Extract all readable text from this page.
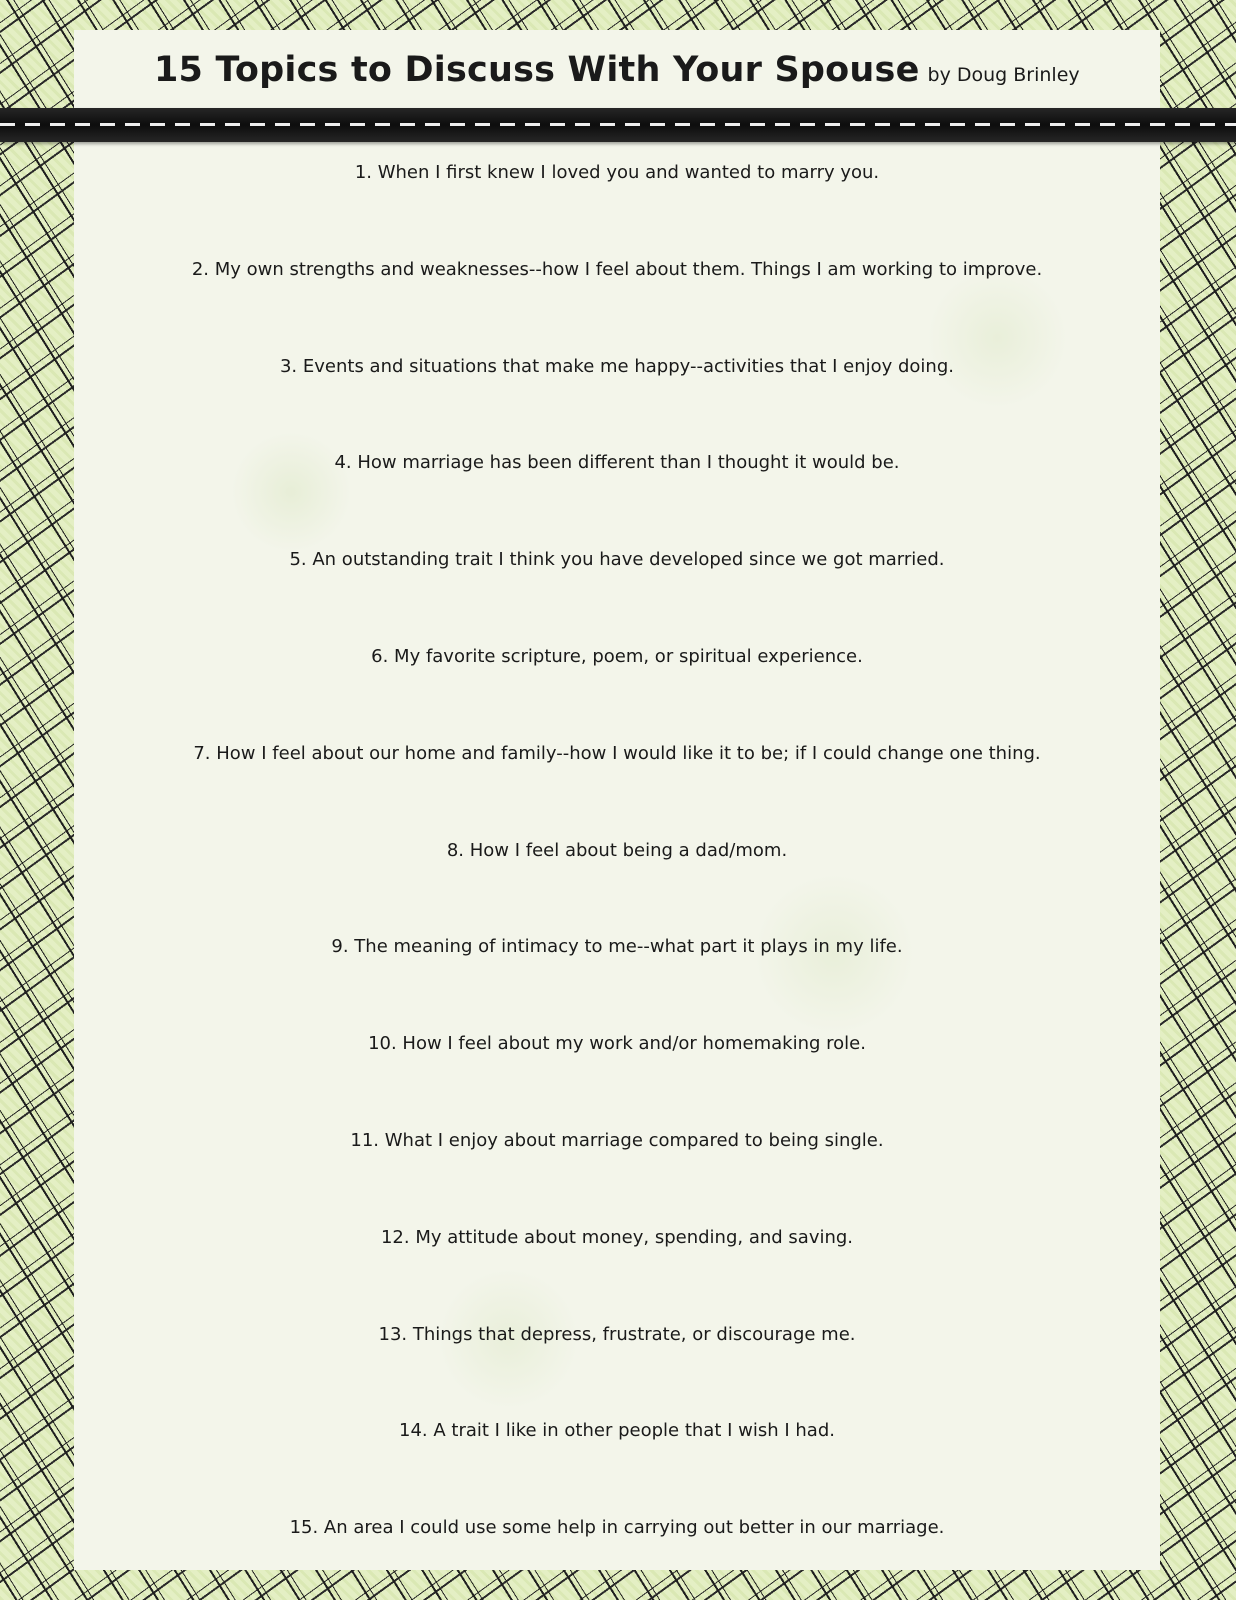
15 Topics to Discuss With Your Spouse by Doug Brinley
1. When I first knew I loved you and wanted to marry you.
2. My own strengths and weaknesses--how I feel about them. Things I am working to improve.
3. Events and situations that make me happy--activities that I enjoy doing.
4. How marriage has been different than I thought it would be.
5. An outstanding trait I think you have developed since we got married.
6. My favorite scripture, poem, or spiritual experience.
7. How I feel about our home and family--how I would like it to be; if I could change one thing.
8. How I feel about being a dad/mom.
9. The meaning of intimacy to me--what part it plays in my life.
10. How I feel about my work and/or homemaking role.
11. What I enjoy about marriage compared to being single.
12. My attitude about money, spending, and saving.
13. Things that depress, frustrate, or discourage me.
14. A trait I like in other people that I wish I had.
15. An area I could use some help in carrying out better in our marriage.
